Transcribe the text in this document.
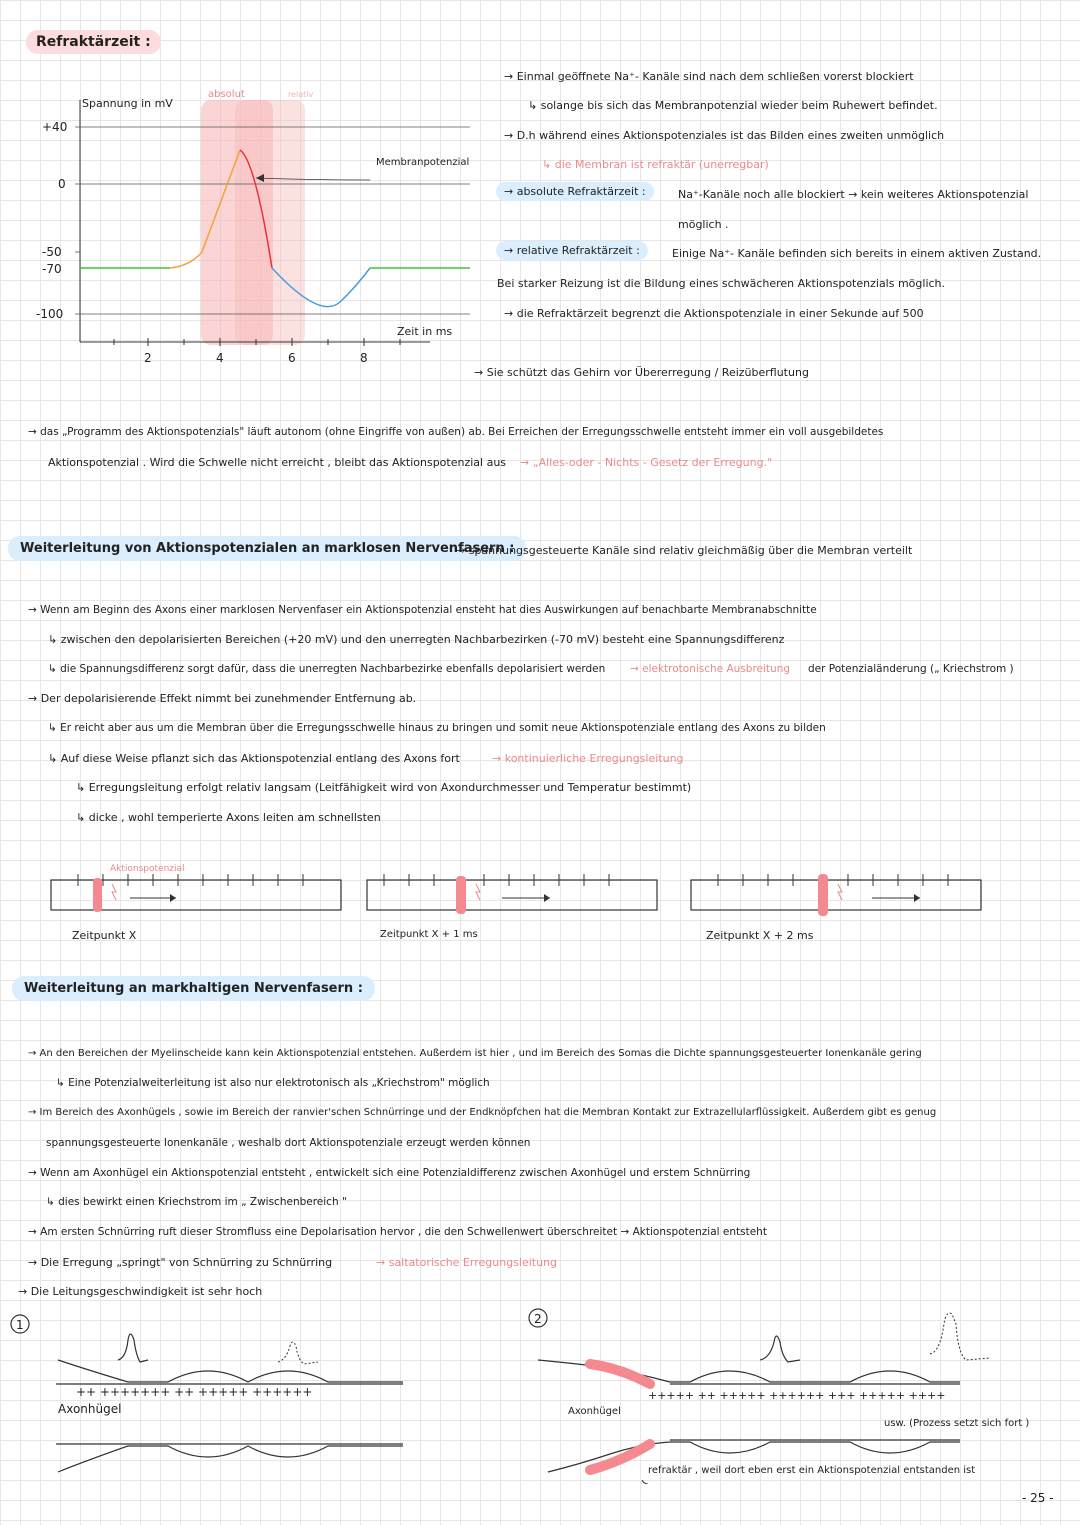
Refraktärzeit :
Spannung in mV
Zeit in ms
Membranpotenzial
absolut	relativ
+40
0
-50
-70
-100
2	4	6	8
→ Einmal geöffnete Na⁺- Kanäle sind nach dem schließen vorerst blockiert
↳ solange bis sich das Membranpotenzial wieder beim Ruhewert befindet.
→ D.h während eines Aktionspotenziales ist das Bilden eines zweiten unmöglich
↳ die Membran ist refraktär (unerregbar)
→ absolute Refraktärzeit :	Na⁺-Kanäle noch alle blockiert → kein weiteres Aktionspotenzial
möglich .
→ relative Refraktärzeit :	Einige Na⁺- Kanäle befinden sich bereits in einem aktiven Zustand.
Bei starker Reizung ist die Bildung eines schwächeren Aktionspotenzials möglich.
→ die Refraktärzeit begrenzt die Aktionspotenziale in einer Sekunde auf 500
→ Sie schützt das Gehirn vor Übererregung / Reizüberflutung
→ das „Programm des Aktionspotenzials" läuft autonom (ohne Eingriffe von außen) ab. Bei Erreichen der Erregungsschwelle entsteht immer ein voll ausgebildetes
Aktionspotenzial . Wird die Schwelle nicht erreicht , bleibt das Aktionspotenzial aus → „Alles-oder - Nichts - Gesetz der Erregung."
Weiterleitung von Aktionspotenzialen an marklosen Nervenfasern :
→ spannungsgesteuerte Kanäle sind relativ gleichmäßig über die Membran verteilt
→ Wenn am Beginn des Axons einer marklosen Nervenfaser ein Aktionspotenzial ensteht hat dies Auswirkungen auf benachbarte Membranabschnitte
↳ zwischen den depolarisierten Bereichen (+20 mV) und den unerregten Nachbarbezirken (-70 mV) besteht eine Spannungsdifferenz
↳ die Spannungsdifferenz sorgt dafür, dass die unerregten Nachbarbezirke ebenfalls depolarisiert werden → elektrotonische Ausbreitung der Potenzialänderung („ Kriechstrom )
→ Der depolarisierende Effekt nimmt bei zunehmender Entfernung ab.
↳ Er reicht aber aus um die Membran über die Erregungsschwelle hinaus zu bringen und somit neue Aktionspotenziale entlang des Axons zu bilden
↳ Auf diese Weise pflanzt sich das Aktionspotenzial entlang des Axons fort	→ kontinuierliche Erregungsleitung
↳ Erregungsleitung erfolgt relativ langsam (Leitfähigkeit wird von Axondurchmesser und Temperatur bestimmt)
↳ dicke , wohl temperierte Axons leiten am schnellsten
Aktionspotenzial
Zeitpunkt X	Zeitpunkt X + 1 ms	Zeitpunkt X + 2 ms
Weiterleitung an markhaltigen Nervenfasern :
→ An den Bereichen der Myelinscheide kann kein Aktionspotenzial entstehen. Außerdem ist hier , und im Bereich des Somas die Dichte spannungsgesteuerter Ionenkanäle gering
↳ Eine Potenzialweiterleitung ist also nur elektrotonisch als „Kriechstrom" möglich
→ Im Bereich des Axonhügels , sowie im Bereich der ranvier'schen Schnürringe und der Endknöpfchen hat die Membran Kontakt zur Extrazellularflüssigkeit. Außerdem gibt es genug
spannungsgesteuerte Ionenkanäle , weshalb dort Aktionspotenziale erzeugt werden können
→ Wenn am Axonhügel ein Aktionspotenzial entsteht , entwickelt sich eine Potenzialdifferenz zwischen Axonhügel und erstem Schnürring
↳ dies bewirkt einen Kriechstrom im „ Zwischenbereich "
→ Am ersten Schnürring ruft dieser Stromfluss eine Depolarisation hervor , die den Schwellenwert überschreitet → Aktionspotenzial entsteht
→ Die Erregung „springt" von Schnürring zu Schnürring	→ saltatorische Erregungsleitung
→ Die Leitungsgeschwindigkeit ist sehr hoch
1
++ +++++++ ++ +++++ ++++++
Axonhügel
2
+++++ ++ +++++ ++++++ +++ +++++ ++++
Axonhügel
usw. (Prozess setzt sich fort )
refraktär , weil dort eben erst ein Aktionspotenzial entstanden ist
- 25 -
